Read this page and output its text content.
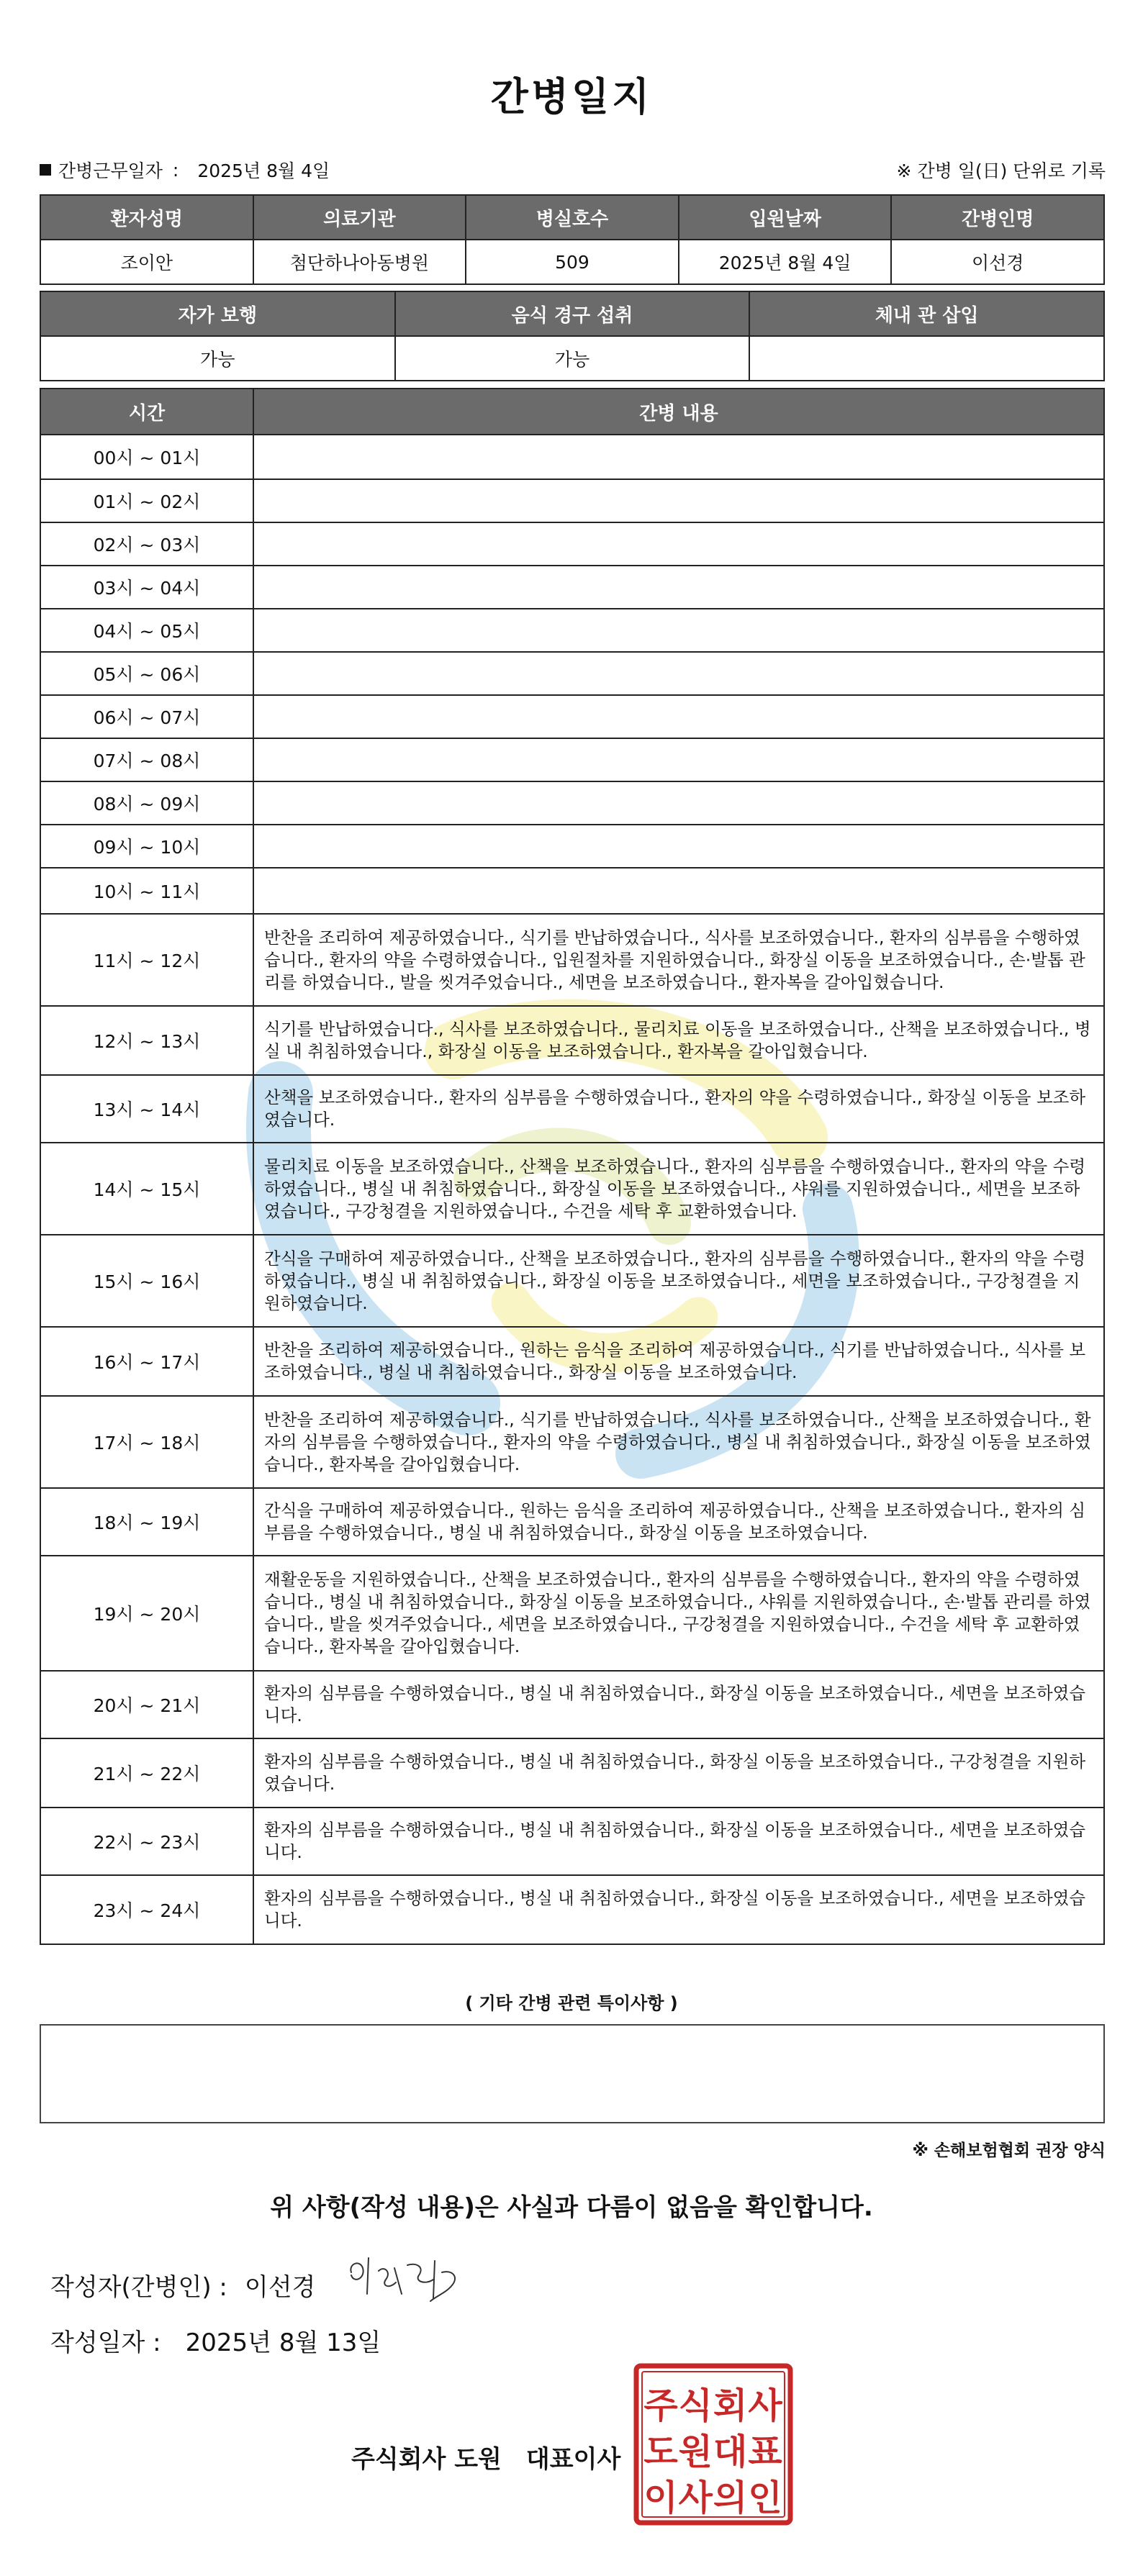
간병일지
간병근무일자 : 2025년 8월 4일	※ 간병 일(日) 단위로 기록
환자성명	의료기관	병실호수	입원날짜	간병인명
조이안	첨단하나아동병원	509	2025년 8월 4일	이선경
자가 보행	음식 경구 섭취	체내 관 삽입
가능	가능	
시간	간병 내용
00시 ~ 01시	
01시 ~ 02시	
02시 ~ 03시	
03시 ~ 04시	
04시 ~ 05시	
05시 ~ 06시	
06시 ~ 07시	
07시 ~ 08시	
08시 ~ 09시	
09시 ~ 10시	
10시 ~ 11시	
11시 ~ 12시	반찬을 조리하여 제공하였습니다., 식기를 반납하였습니다., 식사를 보조하였습니다., 환자의 심부름을 수행하였습니다., 환자의 약을 수령하였습니다., 입원절차를 지원하였습니다., 화장실 이동을 보조하였습니다., 손·발톱 관리를 하였습니다., 발을 씻겨주었습니다., 세면을 보조하였습니다., 환자복을 갈아입혔습니다.
12시 ~ 13시	식기를 반납하였습니다., 식사를 보조하였습니다., 물리치료 이동을 보조하였습니다., 산책을 보조하였습니다., 병실 내 취침하였습니다., 화장실 이동을 보조하였습니다., 환자복을 갈아입혔습니다.
13시 ~ 14시	산책을 보조하였습니다., 환자의 심부름을 수행하였습니다., 환자의 약을 수령하였습니다., 화장실 이동을 보조하였습니다.
14시 ~ 15시	물리치료 이동을 보조하였습니다., 산책을 보조하였습니다., 환자의 심부름을 수행하였습니다., 환자의 약을 수령하였습니다., 병실 내 취침하였습니다., 화장실 이동을 보조하였습니다., 샤워를 지원하였습니다., 세면을 보조하였습니다., 구강청결을 지원하였습니다., 수건을 세탁 후 교환하였습니다.
15시 ~ 16시	간식을 구매하여 제공하였습니다., 산책을 보조하였습니다., 환자의 심부름을 수행하였습니다., 환자의 약을 수령하였습니다., 병실 내 취침하였습니다., 화장실 이동을 보조하였습니다., 세면을 보조하였습니다., 구강청결을 지원하였습니다.
16시 ~ 17시	반찬을 조리하여 제공하였습니다., 원하는 음식을 조리하여 제공하였습니다., 식기를 반납하였습니다., 식사를 보조하였습니다., 병실 내 취침하였습니다., 화장실 이동을 보조하였습니다.
17시 ~ 18시	반찬을 조리하여 제공하였습니다., 식기를 반납하였습니다., 식사를 보조하였습니다., 산책을 보조하였습니다., 환자의 심부름을 수행하였습니다., 환자의 약을 수령하였습니다., 병실 내 취침하였습니다., 화장실 이동을 보조하였습니다., 환자복을 갈아입혔습니다.
18시 ~ 19시	간식을 구매하여 제공하였습니다., 원하는 음식을 조리하여 제공하였습니다., 산책을 보조하였습니다., 환자의 심부름을 수행하였습니다., 병실 내 취침하였습니다., 화장실 이동을 보조하였습니다.
19시 ~ 20시	재활운동을 지원하였습니다., 산책을 보조하였습니다., 환자의 심부름을 수행하였습니다., 환자의 약을 수령하였습니다., 병실 내 취침하였습니다., 화장실 이동을 보조하였습니다., 샤워를 지원하였습니다., 손·발톱 관리를 하였습니다., 발을 씻겨주었습니다., 세면을 보조하였습니다., 구강청결을 지원하였습니다., 수건을 세탁 후 교환하였습니다., 환자복을 갈아입혔습니다.
20시 ~ 21시	환자의 심부름을 수행하였습니다., 병실 내 취침하였습니다., 화장실 이동을 보조하였습니다., 세면을 보조하였습니다.
21시 ~ 22시	환자의 심부름을 수행하였습니다., 병실 내 취침하였습니다., 화장실 이동을 보조하였습니다., 구강청결을 지원하였습니다.
22시 ~ 23시	환자의 심부름을 수행하였습니다., 병실 내 취침하였습니다., 화장실 이동을 보조하였습니다., 세면을 보조하였습니다.
23시 ~ 24시	환자의 심부름을 수행하였습니다., 병실 내 취침하였습니다., 화장실 이동을 보조하였습니다., 세면을 보조하였습니다.
( 기타 간병 관련 특이사항 )
※ 손해보험협회 권장 양식
위 사항(작성 내용)은 사실과 다름이 없음을 확인합니다.
작성자(간병인) : 이선경
작성일자 : 2025년 8월 13일
주식회사 도원 대표이사
주식회사
도원대표
이사의인
